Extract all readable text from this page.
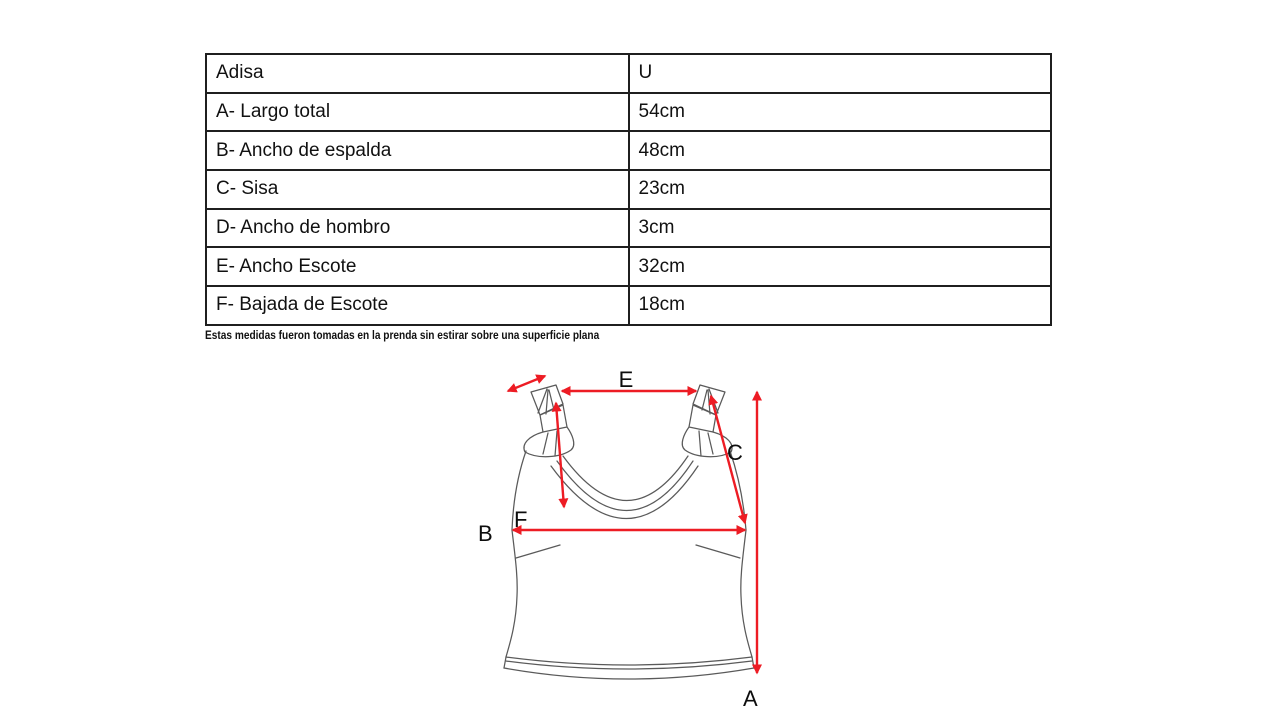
Adisa	U
A- Largo total	54cm
B- Ancho de espalda	48cm
C- Sisa	23cm
D- Ancho de hombro	3cm
E- Ancho Escote	32cm
F- Bajada de Escote	18cm
Estas medidas fueron tomadas en la prenda sin estirar sobre una superficie plana
E
C
B
F
A
